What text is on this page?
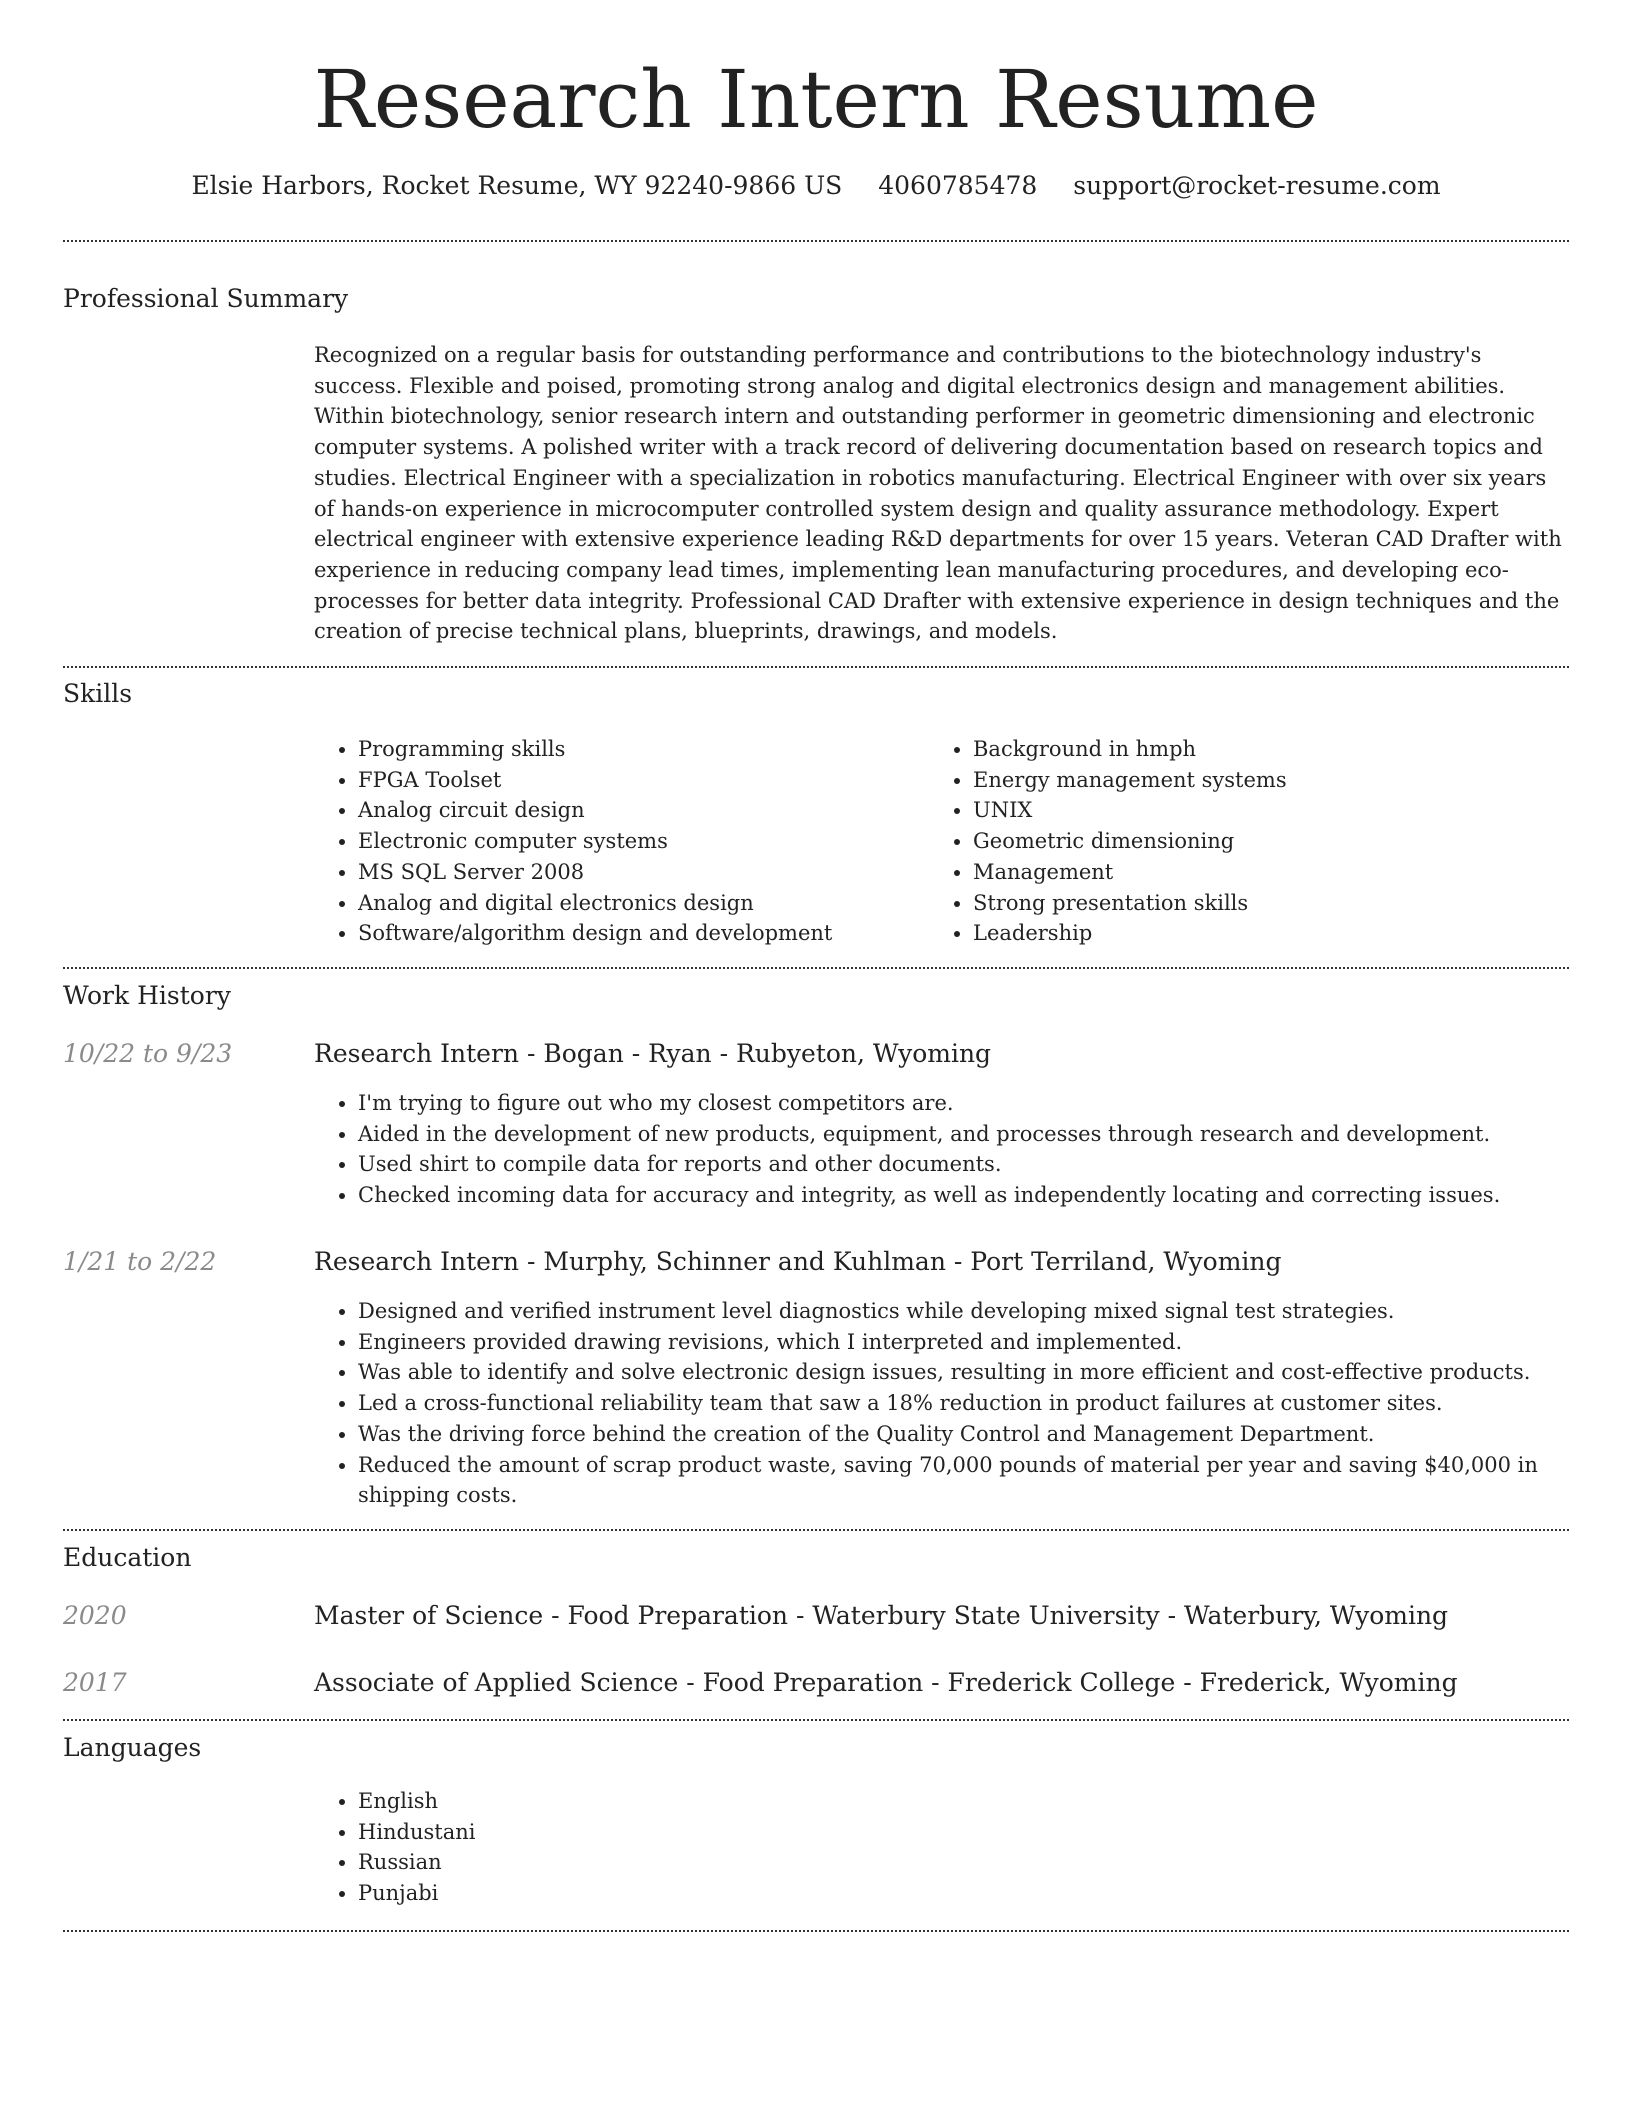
Research Intern Resume
Elsie Harbors, Rocket Resume, WY 92240-9866 US 4060785478 support@rocket-resume.com
Professional Summary

Recognized on a regular basis for outstanding performance and contributions to the biotechnology industry's success. Flexible and poised, promoting strong analog and digital electronics design and management abilities. Within biotechnology, senior research intern and outstanding performer in geometric dimensioning and electronic computer systems. A polished writer with a track record of delivering documentation based on research topics and studies. Electrical Engineer with a specialization in robotics manufacturing. Electrical Engineer with over six years of hands-on experience in microcomputer controlled system design and quality assurance methodology. Expert electrical engineer with extensive experience leading R&D departments for over 15 years. Veteran CAD Drafter with experience in reducing company lead times, implementing lean manufacturing procedures, and developing eco-processes for better data integrity. Professional CAD Drafter with extensive experience in design techniques and the creation of precise technical plans, blueprints, drawings, and models.

Skills
• Programming skills
• FPGA Toolset
• Analog circuit design
• Electronic computer systems
• MS SQL Server 2008
• Analog and digital electronics design
• Software/algorithm design and development
• Background in hmph
• Energy management systems
• UNIX
• Geometric dimensioning
• Management
• Strong presentation skills
• Leadership
Work History
10/22 to 9/23	Research Intern - Bogan - Ryan - Rubyeton, Wyoming
• I'm trying to figure out who my closest competitors are.
• Aided in the development of new products, equipment, and processes through research and development.
• Used shirt to compile data for reports and other documents.
• Checked incoming data for accuracy and integrity, as well as independently locating and correcting issues.
1/21 to 2/22	Research Intern - Murphy, Schinner and Kuhlman - Port Terriland, Wyoming
• Designed and verified instrument level diagnostics while developing mixed signal test strategies.
• Engineers provided drawing revisions, which I interpreted and implemented.
• Was able to identify and solve electronic design issues, resulting in more efficient and cost-effective products.
• Led a cross-functional reliability team that saw a 18% reduction in product failures at customer sites.
• Was the driving force behind the creation of the Quality Control and Management Department.
• Reduced the amount of scrap product waste, saving 70,000 pounds of material per year and saving $40,000 in shipping costs.
Education
2020	Master of Science - Food Preparation - Waterbury State University - Waterbury, Wyoming
2017	Associate of Applied Science - Food Preparation - Frederick College - Frederick, Wyoming
Languages
• English
• Hindustani
• Russian
• Punjabi
